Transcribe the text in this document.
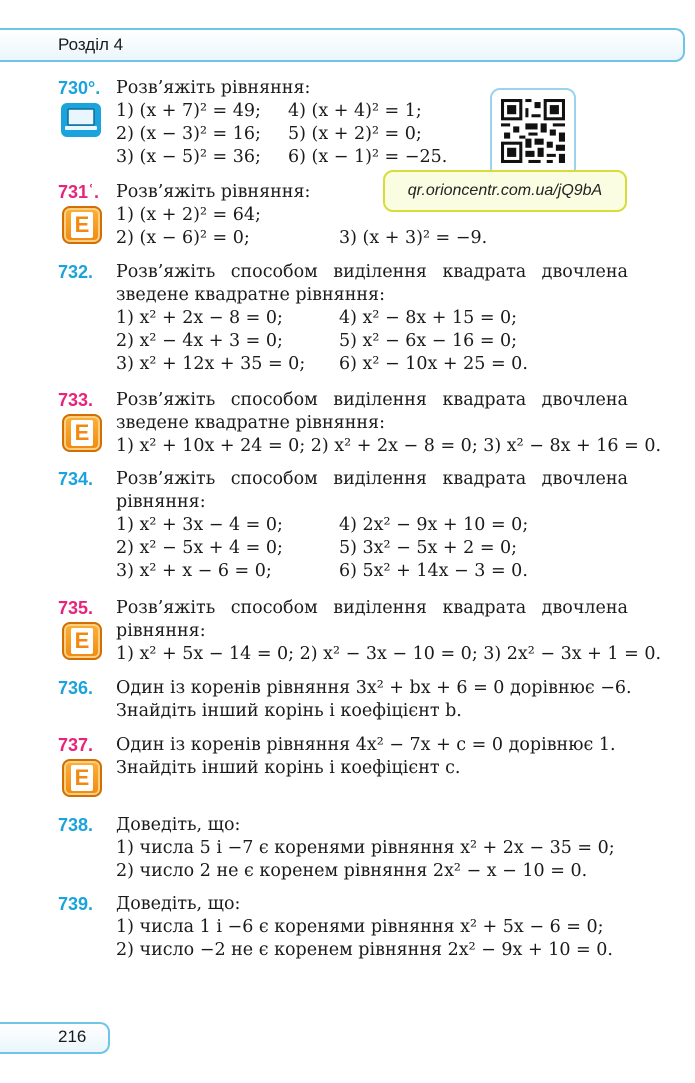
Розділ 4
qr.orioncentr.com.ua/jQ9bA
730°. Розв’яжіть рівняння:
1) (x + 7)² = 49;	4) (x + 4)² = 1;
2) (x − 3)² = 16;	5) (x + 2)² = 0;
3) (x − 5)² = 36;	6) (x − 1)² = −25.
731ʿ.
E
Розв’яжіть рівняння:
1) (x + 2)² = 64;
2) (x − 6)² = 0;	3) (x + 3)² = −9.
732. Розв’яжіть способом виділення квадрата двочлена
зведене квадратне рівняння:
1) x² + 2x − 8 = 0;	4) x² − 8x + 15 = 0;
2) x² − 4x + 3 = 0;	5) x² − 6x − 16 = 0;
3) x² + 12x + 35 = 0;	6) x² − 10x + 25 = 0.
733.
E
Розв’яжіть способом виділення квадрата двочлена
зведене квадратне рівняння:
1) x² + 10x + 24 = 0; 2) x² + 2x − 8 = 0; 3) x² − 8x + 16 = 0.
734. Розв’яжіть способом виділення квадрата двочлена
рівняння:
1) x² + 3x − 4 = 0;	4) 2x² − 9x + 10 = 0;
2) x² − 5x + 4 = 0;	5) 3x² − 5x + 2 = 0;
3) x² + x − 6 = 0;	6) 5x² + 14x − 3 = 0.
735.
E
Розв’яжіть способом виділення квадрата двочлена
рівняння:
1) x² + 5x − 14 = 0; 2) x² − 3x − 10 = 0; 3) 2x² − 3x + 1 = 0.
736. Один із коренів рівняння 3x² + bx + 6 = 0 дорівнює −6.
Знайдіть інший корінь і коефіцієнт b.
737.
E
Один із коренів рівняння 4x² − 7x + c = 0 дорівнює 1.
Знайдіть інший корінь і коефіцієнт c.
738. Доведіть, що:
1) числа 5 і −7 є коренями рівняння x² + 2x − 35 = 0;
2) число 2 не є коренем рівняння 2x² − x − 10 = 0.
739. Доведіть, що:
1) числа 1 і −6 є коренями рівняння x² + 5x − 6 = 0;
2) число −2 не є коренем рівняння 2x² − 9x + 10 = 0.
216
